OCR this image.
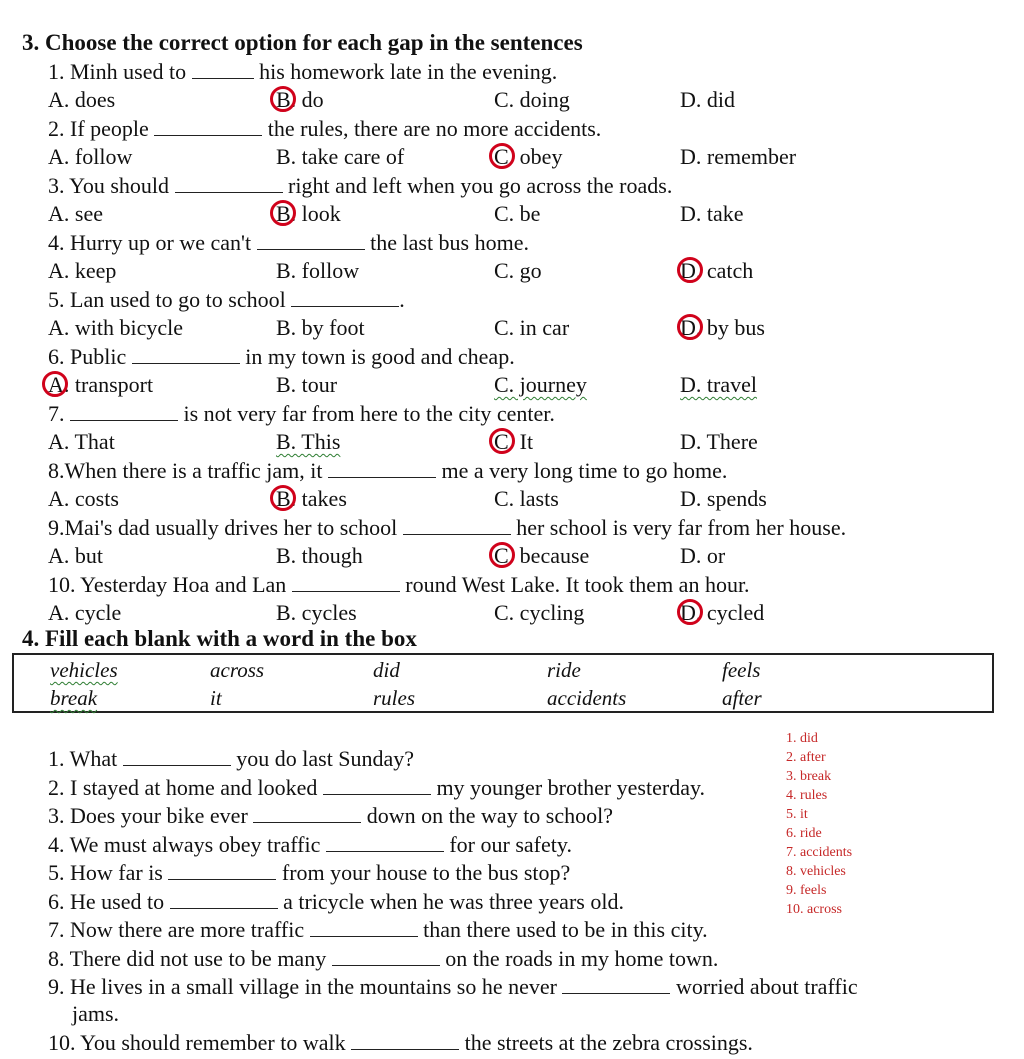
3. Choose the correct option for each gap in the sentences
1. Minh used to	his homework late in the evening.
2. If people	the rules, there are no more accidents.
3. You should	right and left when you go across the roads.
4. Hurry up or we can't	the last bus home.
5. Lan used to go to school	.
6. Public	in my town is good and cheap.
7.	is not very far from here to the city center.
8.When there is a traffic jam, it	me a very long time to go home.
9.Mai's dad usually drives her to school	her school is very far from her house.
10. Yesterday Hoa and Lan	round West Lake. It took them an hour.
A. does	B. do	C. doing	D. did
A. follow	B. take care of	C. obey	D. remember
A. see	B. look	C. be	D. take
A. keep	B. follow	C. go	D. catch
A. with bicycle	B. by foot	C. in car	D. by bus
A. transport	B. tour	C. journey	D. travel
A. That	B. This	C. It	D. There
A. costs	B. takes	C. lasts	D. spends
A. but	B. though	C. because	D. or
A. cycle	B. cycles	C. cycling	D. cycled
4. Fill each blank with a word in the box
vehicles	across	did	ride	feels
break	it	rules	accidents	after
1. What	you do last Sunday?
2. I stayed at home and looked	my younger brother yesterday.
3. Does your bike ever	down on the way to school?
4. We must always obey traffic	for our safety.
5. How far is	from your house to the bus stop?
6. He used to	a tricycle when he was three years old.
7. Now there are more traffic	than there used to be in this city.
8. There did not use to be many	on the roads in my home town.
9. He lives in a small village in the mountains so he never	worried about traffic
jams.
10. You should remember to walk	the streets at the zebra crossings.
1. did
2. after
3. break
4. rules
5. it
6. ride
7. accidents
8. vehicles
9. feels
10. across
